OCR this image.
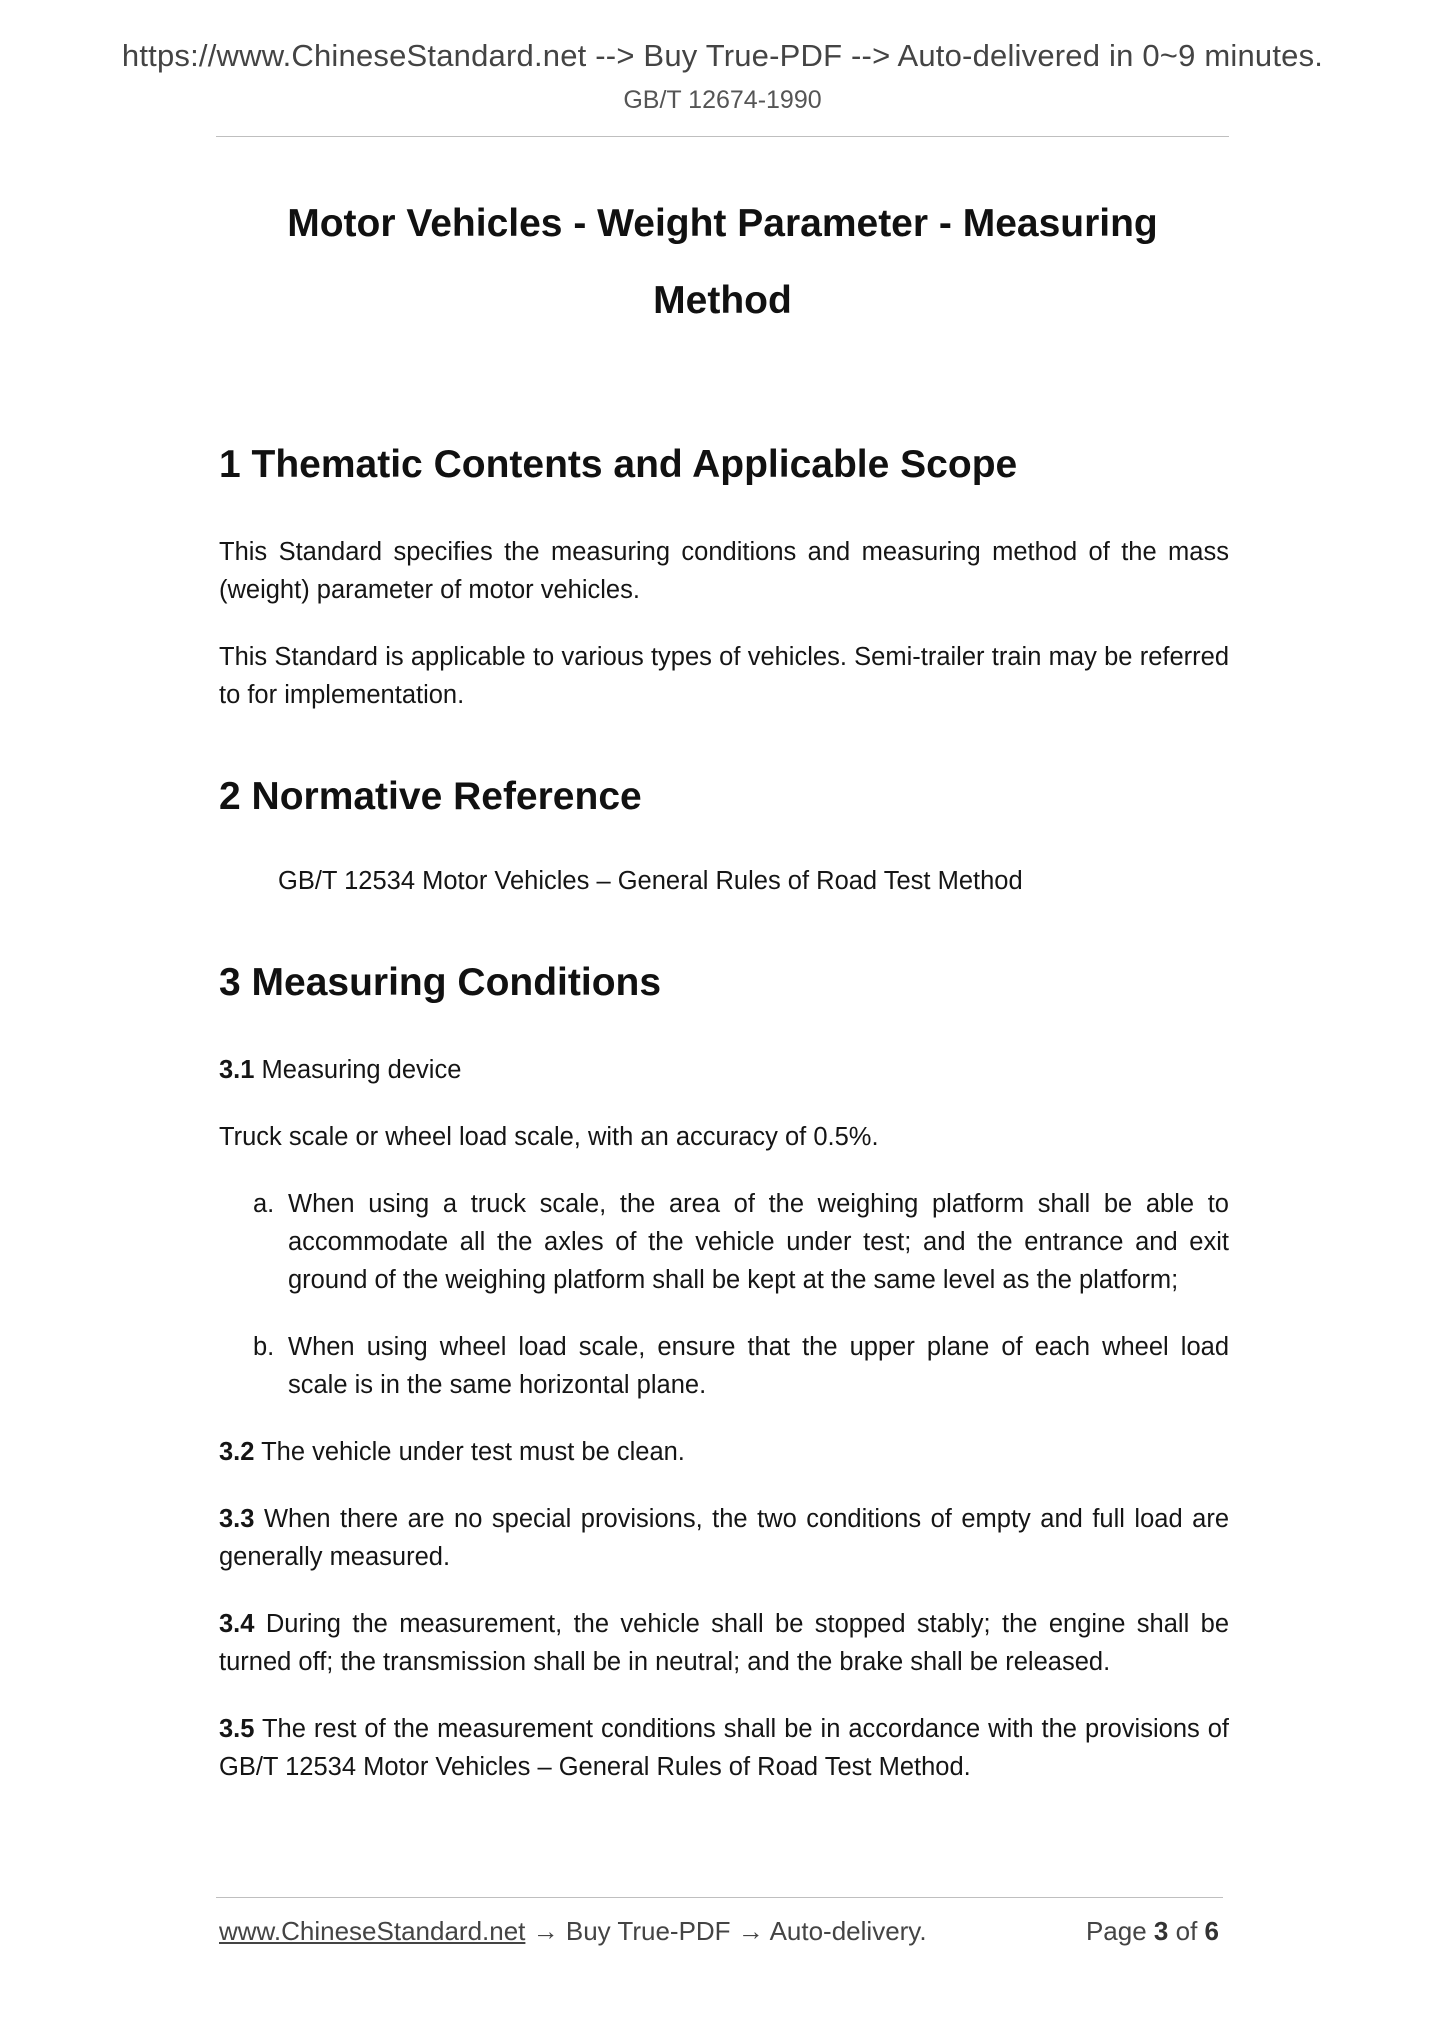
https://www.ChineseStandard.net --> Buy True-PDF --> Auto-delivered in 0~9 minutes.
GB/T 12674-1990
Motor Vehicles - Weight Parameter - Measuring
Method
1 Thematic Contents and Applicable Scope

This Standard specifies the measuring conditions and measuring method of the mass (weight) parameter of motor vehicles.

This Standard is applicable to various types of vehicles. Semi-trailer train may be referred to for implementation.

2 Normative Reference

GB/T 12534 Motor Vehicles – General Rules of Road Test Method

3 Measuring Conditions

3.1 Measuring device

Truck scale or wheel load scale, with an accuracy of 0.5%.

a. When using a truck scale, the area of the weighing platform shall be able to accommodate all the axles of the vehicle under test; and the entrance and exit ground of the weighing platform shall be kept at the same level as the platform;

b. When using wheel load scale, ensure that the upper plane of each wheel load scale is in the same horizontal plane.

3.2 The vehicle under test must be clean.

3.3 When there are no special provisions, the two conditions of empty and full load are generally measured.

3.4 During the measurement, the vehicle shall be stopped stably; the engine shall be turned off; the transmission shall be in neutral; and the brake shall be released.

3.5 The rest of the measurement conditions shall be in accordance with the provisions of GB/T 12534 Motor Vehicles – General Rules of Road Test Method.

www.ChineseStandard.net → Buy True-PDF → Auto-delivery.	Page 3 of 6
